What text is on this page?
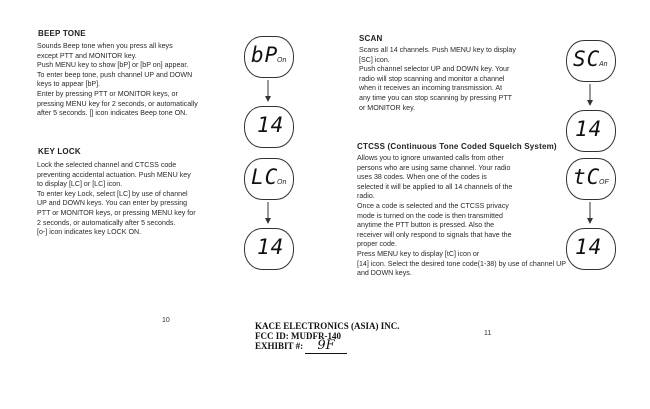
BEEP TONE

Sounds Beep tone when you press all keys

except PTT and MONITOR key.

Push MENU key to show [bP] or [bP on] appear.

To enter beep tone, push channel UP and DOWN

keys to appear [bP].

Enter by pressing PTT or MONITOR keys, or

pressing MENU key for 2 seconds, or automatically

after 5 seconds. [] icon indicates Beep tone ON.

bP
On
14
KEY LOCK

Lock the selected channel and CTCSS code

preventing accidental actuation. Push MENU key

to display [LC] or [LC] icon.

To enter key Lock, select [LC] by use of channel

UP and DOWN keys. You can enter by pressing

PTT or MONITOR keys, or pressing MENU key for

2 seconds, or automatically after 5 seconds.

[o-] icon indicates key LOCK ON.

LC
On
14
SCAN

Scans all 14 channels. Push MENU key to display

[SC] icon.

Push channel selector UP and DOWN key. Your

radio will stop scanning and monitor a channel

when it receives an incoming transmission. At

any time you can stop scanning by pressing PTT

or MONITOR key.

SC
An
14
CTCSS (Continuous Tone Coded Squelch System)

Allows you to ignore unwanted calls from other

persons who are using same channel. Your radio

uses 38 codes. When one of the codes is

selected it will be applied to all 14 channels of the

radio.

Once a code is selected and the CTCSS privacy

mode is turned on the code is then transmitted

anytime the PTT button is pressed. Also the

receiver will only respond to signals that have the

proper code.

Press MENU key to display [tC] icon or

[14] icon. Select the desired tone code(1-38) by use of channel UP

and DOWN keys.

tC
OF
14
10
11
KACE ELECTRONICS (ASIA) INC.
FCC ID: MUDFR-140
EXHIBIT #: 9F
